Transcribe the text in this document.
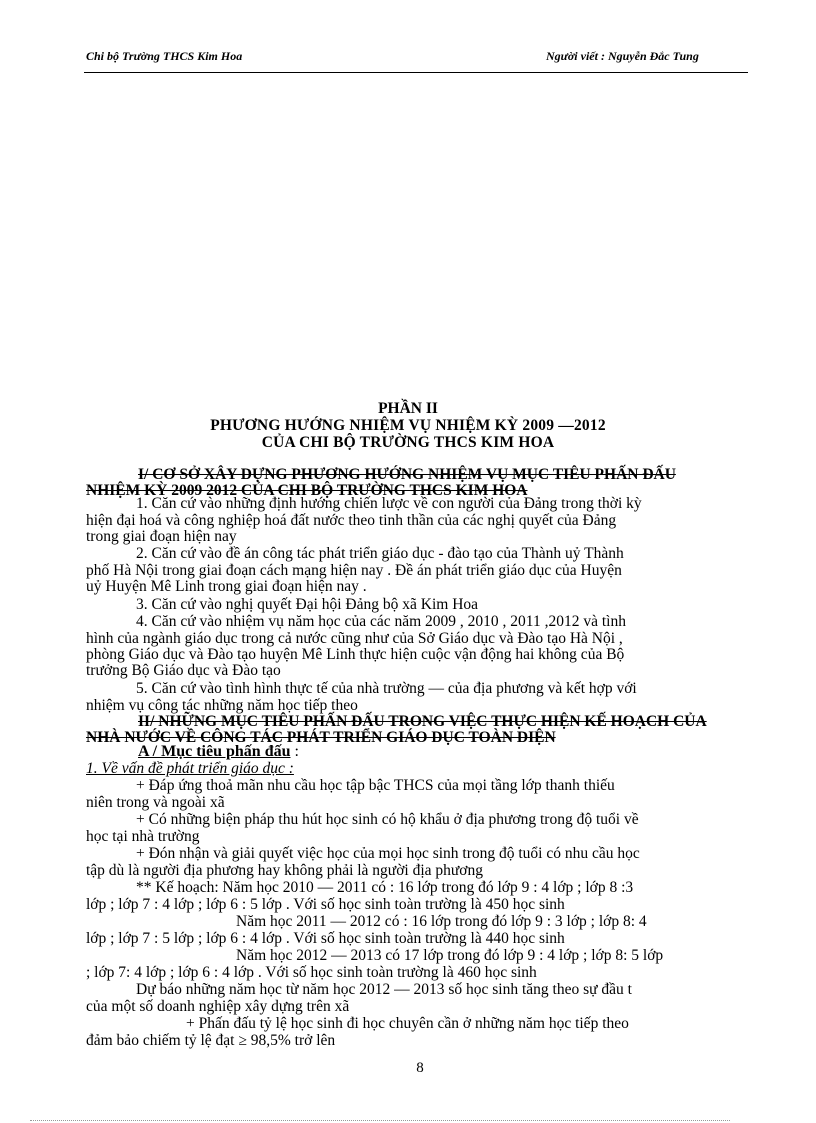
Chi bộ Trường THCS Kim Hoa	Người viết : Nguyễn Đắc Tung
PHẦN II
PHƯƠNG HƯỚNG NHIỆM VỤ NHIỆM KỲ 2009 —2012
CỦA CHI BỘ TRƯỜNG THCS KIM HOA
I/ CƠ SỞ XÂY DỰNG PHƯƠNG HƯỚNG NHIỆM VỤ MỤC TIÊU PHẤN ĐẤU
NHIỆM KỲ 2009 2012 CỦA CHI BỘ TRƯỜNG THCS KIM HOA
1. Căn cứ vào những định hướng chiến lược về con người của Đảng trong thời kỳ
hiện đại hoá và công nghiệp hoá đất nước theo tinh thần của các nghị quyết của Đảng
trong giai đoạn hiện nay
2. Căn cứ vào đề án công tác phát triển giáo dục - đào tạo của Thành uỷ Thành
phố Hà Nội trong giai đoạn cách mạng hiện nay . Đề án phát triển giáo dục của Huyện
uỷ Huyện Mê Linh trong giai đoạn hiện nay .
3. Căn cứ vào nghị quyết Đại hội Đảng bộ xã Kim Hoa
4. Căn cứ vào nhiệm vụ năm học của các năm 2009 , 2010 , 2011 ,2012 và tình
hình của ngành giáo dục trong cả nước cũng như của Sở Giáo dục và Đào tạo Hà Nội ,
phòng Giáo dục và Đào tạo huyện Mê Linh thực hiện cuộc vận động hai không của Bộ
trưởng Bộ Giáo dục và Đào tạo
5. Căn cứ vào tình hình thực tế của nhà trường — của địa phương và kết hợp với
nhiệm vụ công tác những năm học tiếp theo
II/ NHỮNG MỤC TIÊU PHẤN ĐẤU TRONG VIỆC THỰC HIỆN KẾ HOẠCH CỦA
NHÀ NƯỚC VỀ CÔNG TÁC PHÁT TRIỂN GIÁO DỤC TOÀN DIỆN
A / Mục tiêu phấn đấu :
1. Về vấn đề phát triển giáo dục :
+ Đáp ứng thoả mãn nhu cầu học tập bậc THCS của mọi tầng lớp thanh thiếu
niên trong và ngoài xã
+ Có những biện pháp thu hút học sinh có hộ khẩu ở địa phương trong độ tuổi về
học tại nhà trường
+ Đón nhận và giải quyết việc học của mọi học sinh trong độ tuổi có nhu cầu học
tập dù là người địa phương hay không phải là người địa phương
** Kế hoạch: Năm học 2010 — 2011 có : 16 lớp trong đó lớp 9 : 4 lớp ; lớp 8 :3
lớp ; lớp 7 : 4 lớp ; lớp 6 : 5 lớp . Với số học sinh toàn trường là 450 học sinh
Năm học 2011 — 2012 có : 16 lớp trong đó lớp 9 : 3 lớp ; lớp 8: 4
lớp ; lớp 7 : 5 lớp ; lớp 6 : 4 lớp . Với số học sinh toàn trường là 440 học sinh
Năm học 2012 — 2013 có 17 lớp trong đó lớp 9 : 4 lớp ; lớp 8: 5 lớp
; lớp 7: 4 lớp ; lớp 6 : 4 lớp . Với số học sinh toàn trường là 460 học sinh
Dự báo những năm học từ năm học 2012 — 2013 số học sinh tăng theo sự đầu t
của một số doanh nghiệp xây dựng trên xã
+ Phấn đấu tỷ lệ học sinh đi học chuyên cần ở những năm học tiếp theo
đảm bảo chiếm tỷ lệ đạt ≥ 98,5% trở lên
8
